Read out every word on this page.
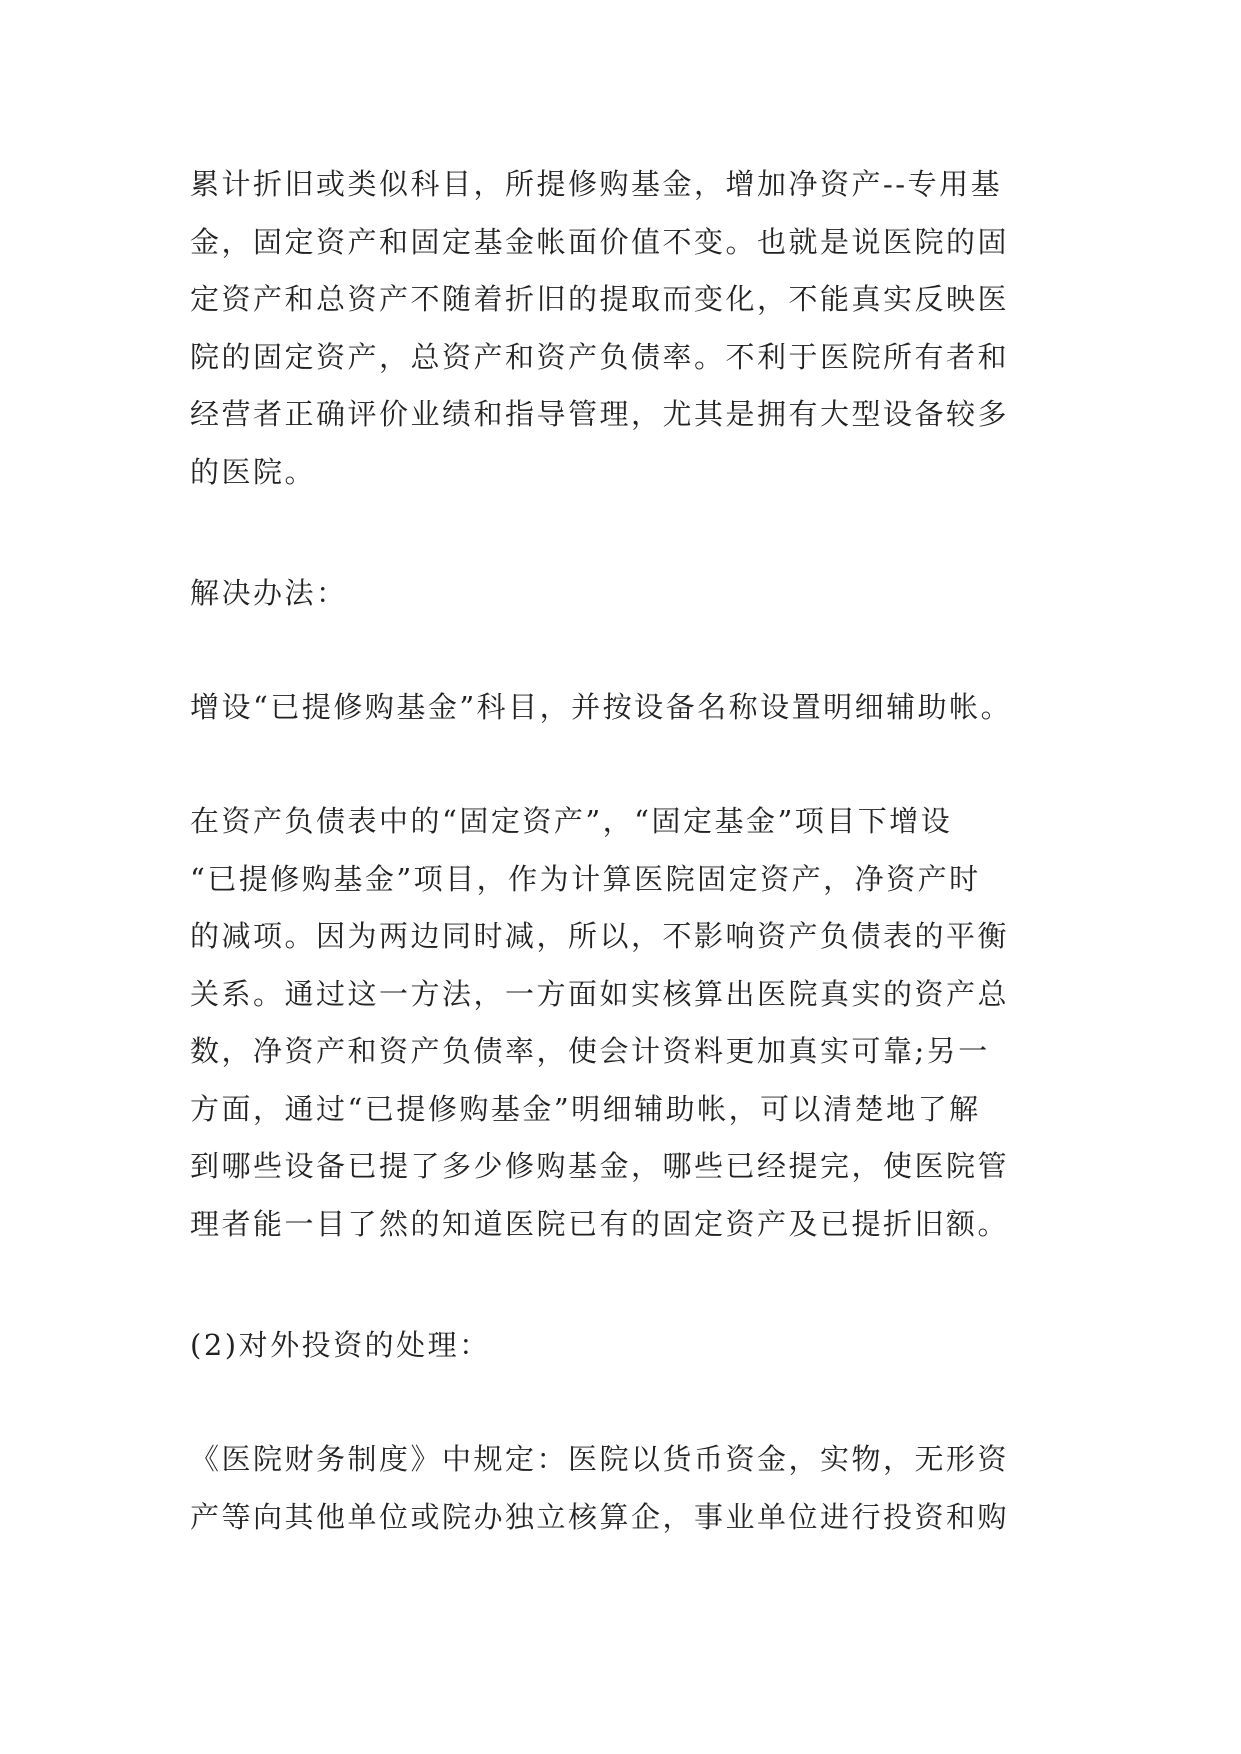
累计折旧或类似科目，所提修购基金，增加净资产--专用基
金，固定资产和固定基金帐面价值不变。也就是说医院的固
定资产和总资产不随着折旧的提取而变化，不能真实反映医
院的固定资产，总资产和资产负债率。不利于医院所有者和
经营者正确评价业绩和指导管理，尤其是拥有大型设备较多
的医院。
解决办法：
增设“已提修购基金”科目，并按设备名称设置明细辅助帐。
在资产负债表中的“固定资产”，“固定基金”项目下增设
“已提修购基金”项目，作为计算医院固定资产，净资产时
的减项。因为两边同时减，所以，不影响资产负债表的平衡
关系。通过这一方法，一方面如实核算出医院真实的资产总
数，净资产和资产负债率，使会计资料更加真实可靠;另一
方面，通过“已提修购基金”明细辅助帐，可以清楚地了解
到哪些设备已提了多少修购基金，哪些已经提完，使医院管
理者能一目了然的知道医院已有的固定资产及已提折旧额。
(2)对外投资的处理：
《医院财务制度》中规定：医院以货币资金，实物，无形资
产等向其他单位或院办独立核算企，事业单位进行投资和购
